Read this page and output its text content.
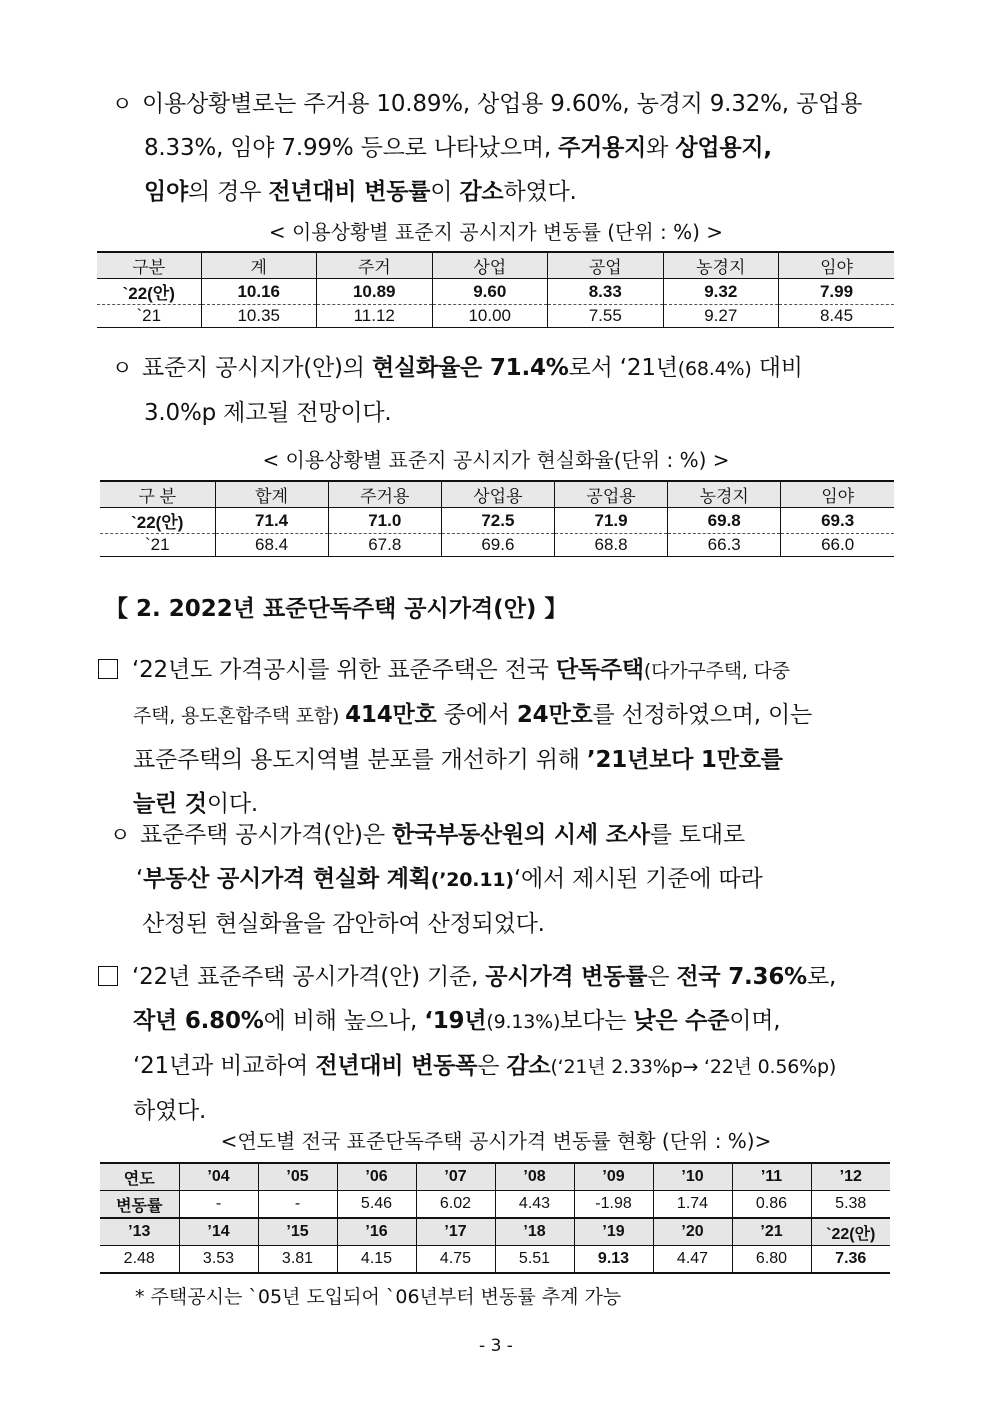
ㅇ 이용상황별로는 주거용 10.89%, 상업용 9.60%, 농경지 9.32%, 공업용
8.33%, 임야 7.99% 등으로 나타났으며, 주거용지와 상업용지,
임야의 경우 전년대비 변동률이 감소하였다.
< 이용상황별 표준지 공시지가 변동률 (단위 : %) >
구분	계	주거	상업	공업	농경지	임야
`22(안)	10.16	10.89	9.60	8.33	9.32	7.99
`21	10.35	11.12	10.00	7.55	9.27	8.45
ㅇ 표준지 공시지가(안)의 현실화율은 71.4%로서 ‘21년(68.4%) 대비
3.0%p 제고될 전망이다.
< 이용상황별 표준지 공시지가 현실화율(단위 : %) >
구 분	합계	주거용	상업용	공업용	농경지	임야
`22(안)	71.4	71.0	72.5	71.9	69.8	69.3
`21	68.4	67.8	69.6	68.8	66.3	66.0
【 2. 2022년 표준단독주택 공시가격(안) 】
‘22년도 가격공시를 위한 표준주택은 전국 단독주택(다가구주택, 다중
주택, 용도혼합주택 포함) 414만호 중에서 24만호를 선정하였으며, 이는
표준주택의 용도지역별 분포를 개선하기 위해 ’21년보다 1만호를
늘린 것이다.
ㅇ 표준주택 공시가격(안)은 한국부동산원의 시세 조사를 토대로
‘부동산 공시가격 현실화 계획(’20.11)‘에서 제시된 기준에 따라
산정된 현실화율을 감안하여 산정되었다.
‘22년 표준주택 공시가격(안) 기준, 공시가격 변동률은 전국 7.36%로,
작년 6.80%에 비해 높으나, ‘19년(9.13%)보다는 낮은 수준이며,
‘21년과 비교하여 전년대비 변동폭은 감소(‘21년 2.33%p→ ‘22년 0.56%p)
하였다.
<연도별 전국 표준단독주택 공시가격 변동률 현황 (단위 : %)>
연도	’04	’05	’06	’07	’08	’09	’10	’11	’12
변동률	-	-	5.46	6.02	4.43	-1.98	1.74	0.86	5.38
’13	’14	’15	’16	’17	’18	’19	’20	’21	`22(안)
2.48	3.53	3.81	4.15	4.75	5.51	9.13	4.47	6.80	7.36
* 주택공시는 `05년 도입되어 `06년부터 변동률 추계 가능
- 3 -
